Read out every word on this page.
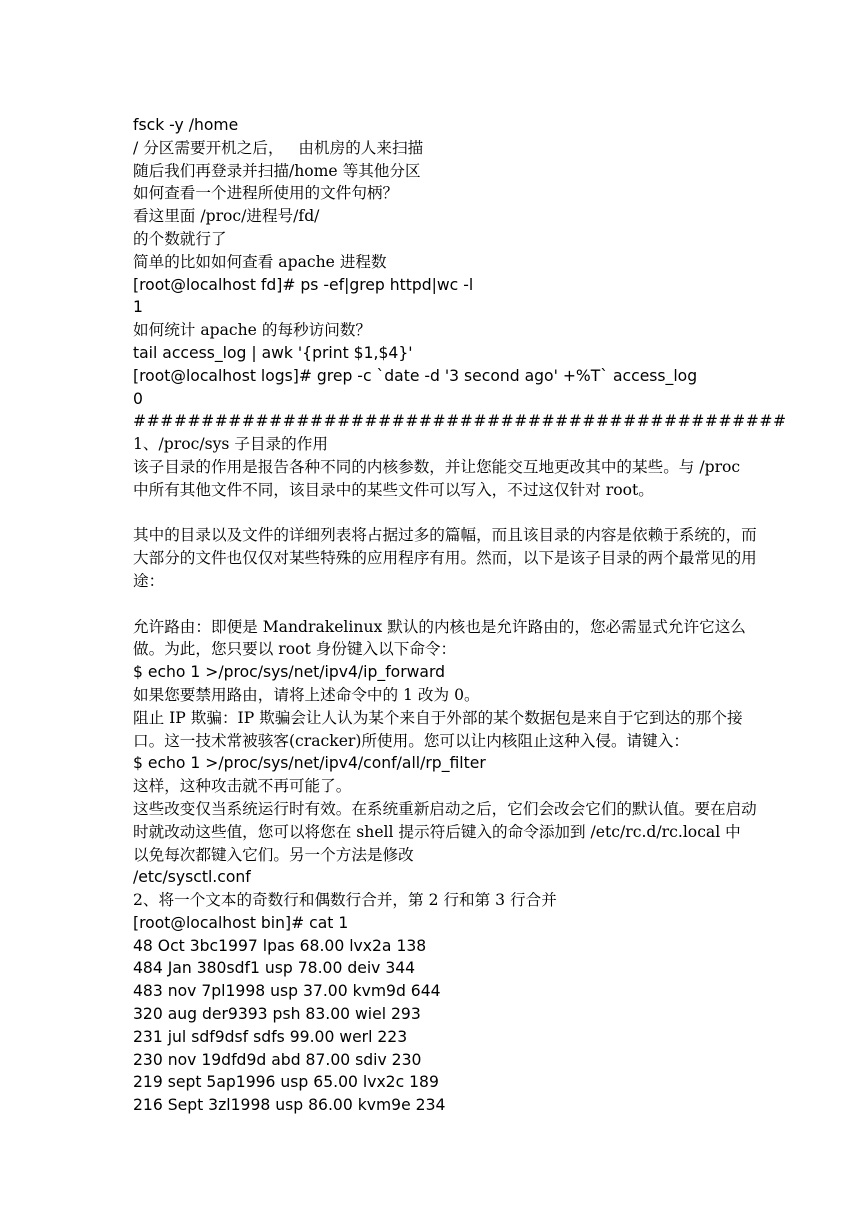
fsck -y /home
/ 分区需要开机之后，   由机房的人来扫描
随后我们再登录并扫描/home 等其他分区
如何查看一个进程所使用的文件句柄？
看这里面 /proc/进程号/fd/
的个数就行了
简单的比如如何查看 apache 进程数
[root@localhost fd]# ps -ef|grep httpd|wc -l
1
如何统计 apache 的每秒访问数？
tail access_log | awk '{print $1,$4}'
[root@localhost logs]# grep -c `date -d '3 second ago' +%T` access_log
0
################################################
1、/proc/sys 子目录的作用
该子目录的作用是报告各种不同的内核参数，并让您能交互地更改其中的某些。与 /proc
中所有其他文件不同，该目录中的某些文件可以写入，不过这仅针对 root。
其中的目录以及文件的详细列表将占据过多的篇幅，而且该目录的内容是依赖于系统的，而
大部分的文件也仅仅对某些特殊的应用程序有用。然而，以下是该子目录的两个最常见的用
途：
允许路由：即便是 Mandrakelinux 默认的内核也是允许路由的，您必需显式允许它这么
做。为此，您只要以 root 身份键入以下命令：
$ echo 1 >/proc/sys/net/ipv4/ip_forward
如果您要禁用路由，请将上述命令中的 1 改为 0。
阻止 IP 欺骗：IP 欺骗会让人认为某个来自于外部的某个数据包是来自于它到达的那个接
口。这一技术常被骇客(cracker)所使用。您可以让内核阻止这种入侵。请键入：
$ echo 1 >/proc/sys/net/ipv4/conf/all/rp_filter
这样，这种攻击就不再可能了。
这些改变仅当系统运行时有效。在系统重新启动之后，它们会改会它们的默认值。要在启动
时就改动这些值，您可以将您在 shell 提示符后键入的命令添加到 /etc/rc.d/rc.local 中
以免每次都键入它们。另一个方法是修改
/etc/sysctl.conf
2、将一个文本的奇数行和偶数行合并，第 2 行和第 3 行合并
[root@localhost bin]# cat 1
48 Oct 3bc1997 lpas 68.00 lvx2a 138
484 Jan 380sdf1 usp 78.00 deiv 344
483 nov 7pl1998 usp 37.00 kvm9d 644
320 aug der9393 psh 83.00 wiel 293
231 jul sdf9dsf sdfs 99.00 werl 223
230 nov 19dfd9d abd 87.00 sdiv 230
219 sept 5ap1996 usp 65.00 lvx2c 189
216 Sept 3zl1998 usp 86.00 kvm9e 234
